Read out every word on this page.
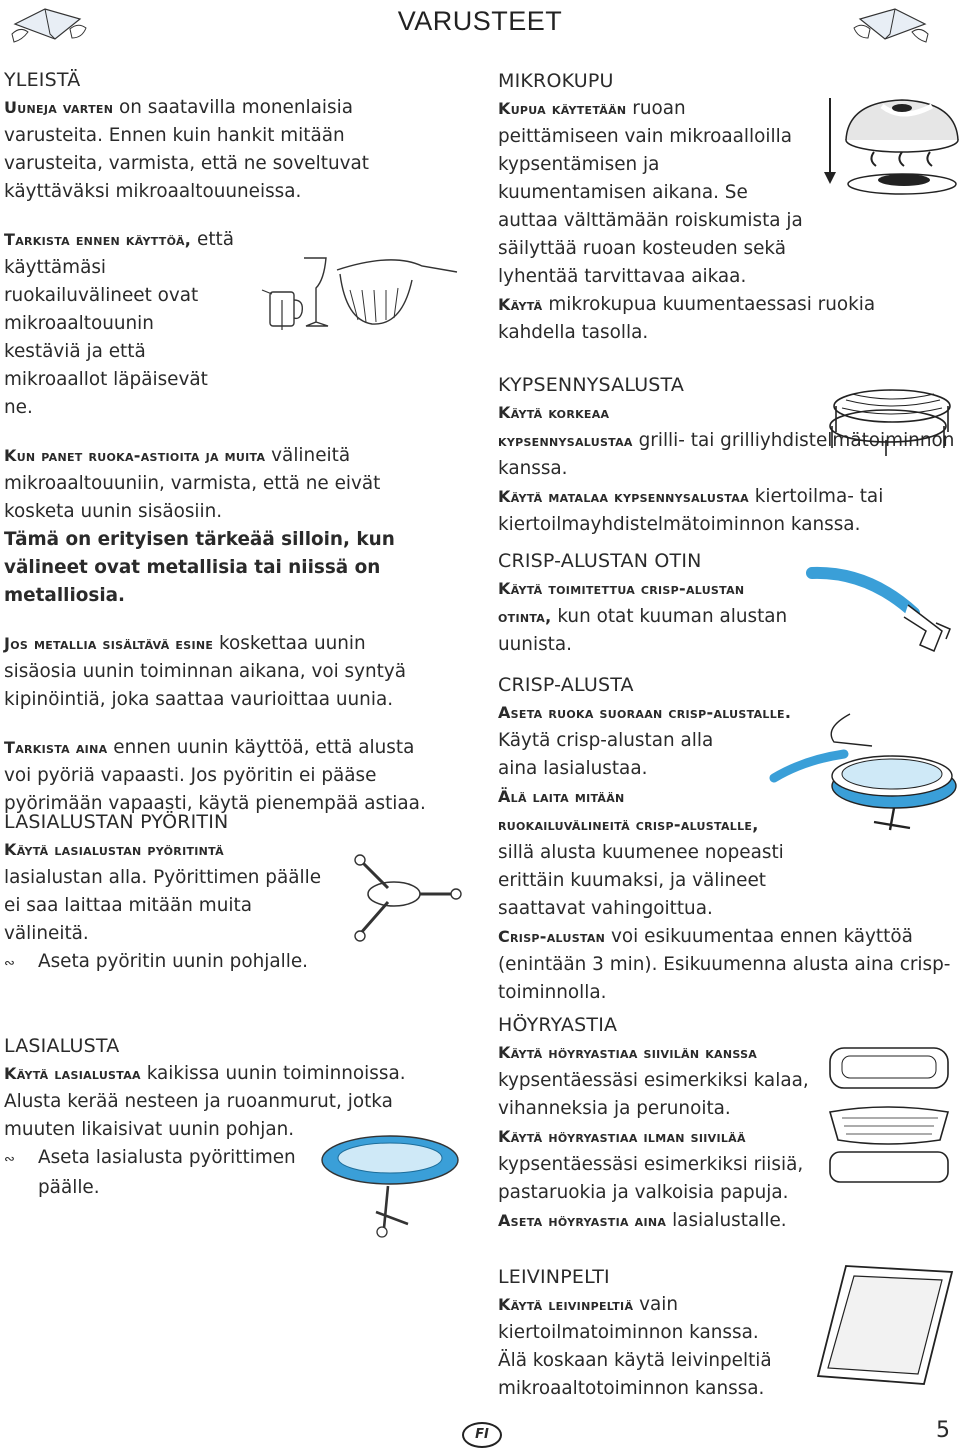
VARUSTEET

YLEISTÄ

Uuneja varten on saatavilla monenlaisia varusteita. Ennen kuin hankit mitään varusteita, varmista, että ne soveltuvat käyttäväksi mikroaaltouuneissa.

Tarkista ennen käyttöä, että käyttämäsi ruokailuvälineet ovat mikroaaltouunin kestäviä ja että mikroaallot läpäisevät ne.

Kun panet ruoka-astioita ja muita välineitä mikroaaltouuniin, varmista, että ne eivät kosketa uunin sisäosiin.

Tämä on erityisen tärkeää silloin, kun välineet ovat metallisia tai niissä on metalliosia.

Jos metallia sisältävä esine koskettaa uunin sisäosia uunin toiminnan aikana, voi syntyä kipinöintiä, joka saattaa vaurioittaa uunia.

Tarkista aina ennen uunin käyttöä, että alusta voi pyöriä vapaasti. Jos pyöritin ei pääse pyörimään vapaasti, käytä pienempää astiaa.

LASIALUSTAN PYÖRITIN

Käytä lasialustan pyöritintä

lasialustan alla. Pyörittimen päälle ei saa laittaa mitään muita välineitä.

∾ Aseta pyöritin uunin pohjalle.

LASIALUSTA

Käytä lasialustaa kaikissa uunin toiminnoissa. Alusta kerää nesteen ja ruoanmurut, jotka muuten likaisivat uunin pohjan.

∾ Aseta lasialusta pyörittimen

päälle.

MIKROKUPU

Kupua käytetään ruoan peittämiseen vain mikroaalloilla kypsentämisen ja kuumentamisen aikana. Se auttaa välttämään roiskumista ja säilyttää ruoan kosteuden sekä lyhentää tarvittavaa aikaa.

Käytä mikrokupua kuumentaessasi ruokia kahdella tasolla.

KYPSENNYSALUSTA

Käytä korkeaa

kypsennysalustaa grilli- tai grilliyhdistelmätoiminnon kanssa.

Käytä matalaa kypsennysalustaa kiertoilma- tai kiertoilmayhdistelmätoiminnon kanssa.

CRISP-ALUSTAN OTIN

Käytä toimitettua crisp-alustan

otinta, kun otat kuuman alustan uunista.

CRISP-ALUSTA

Aseta ruoka suoraan crisp-alustalle.

Käytä crisp-alustan alla aina lasialustaa.

Älä laita mitään

ruokailuvälineitä crisp-alustalle,

sillä alusta kuumenee nopeasti erittäin kuumaksi, ja välineet saattavat vahingoittua.

Crisp-alustan voi esikuumentaa ennen käyttöä (enintään 3 min). Esikuumenna alusta aina crisp-toiminnolla.

HÖYRYASTIA

Käytä höyryastiaa siivilän kanssa

kypsentäessäsi esimerkiksi kalaa, vihanneksia ja perunoita.

Käytä höyryastiaa ilman siivilää

kypsentäessäsi esimerkiksi riisiä, pastaruokia ja valkoisia papuja.

Aseta höyryastia aina lasialustalle.

LEIVINPELTI

Käytä leivinpeltiä vain kiertoilmatoiminnon kanssa. Älä koskaan käytä leivinpeltiä mikroaaltotoiminnon kanssa.

FI	5
